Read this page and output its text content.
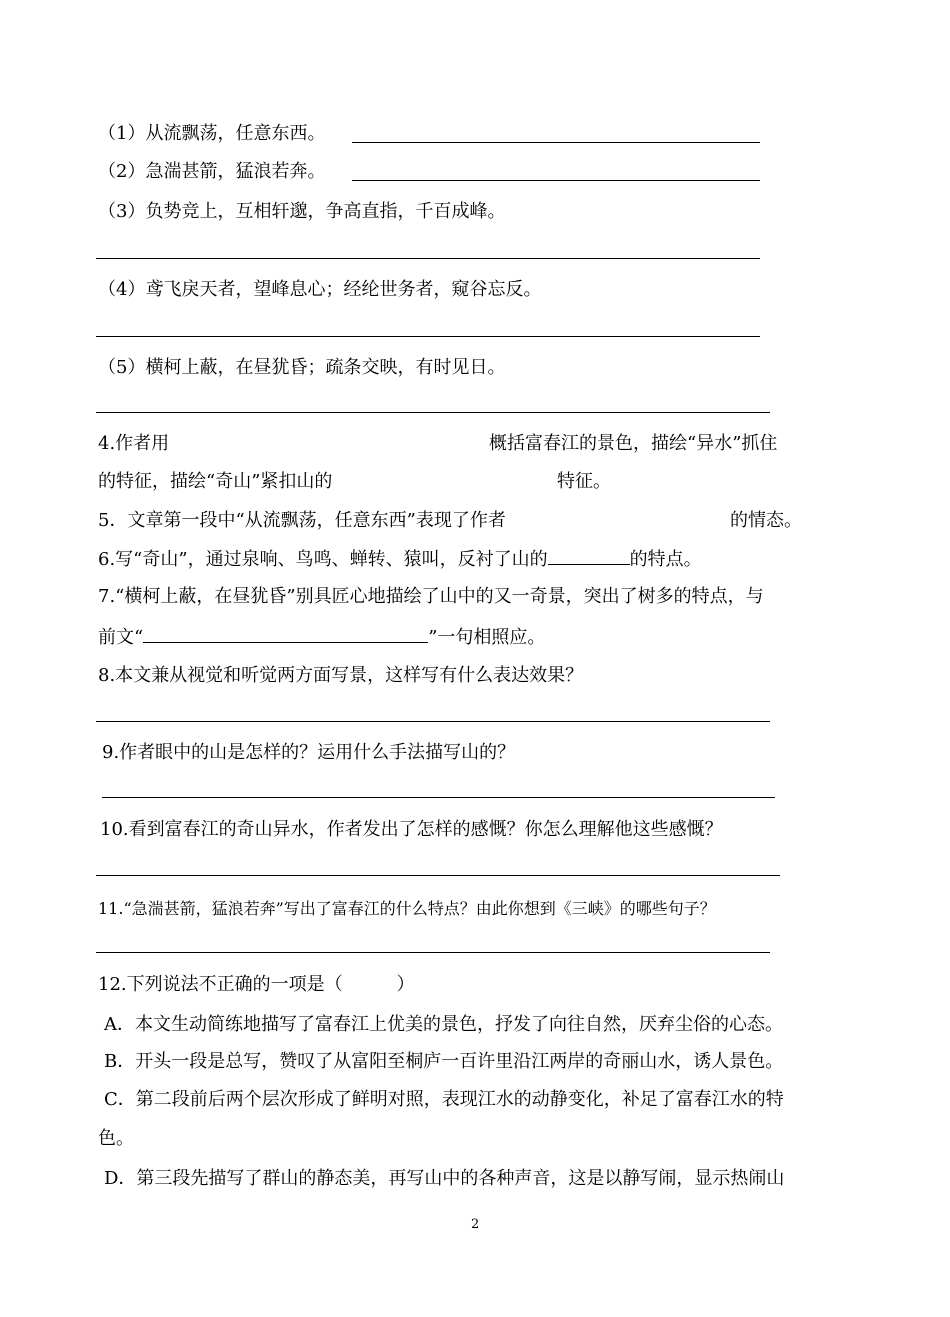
（1）从流飘荡，任意东西。
（2）急湍甚箭，猛浪若奔。
（3）负势竞上，互相轩邈，争高直指，千百成峰。
（4）鸢飞戾天者，望峰息心；经纶世务者，窥谷忘反。
（5）横柯上蔽，在昼犹昏；疏条交映，有时见日。
4.作者用	概括富春江的景色，描绘“异水”抓住
的特征，描绘“奇山”紧扣山的	特征。
5．文章第一段中“从流飘荡，任意东西”表现了作者	的情态。
6.写“奇山”，通过泉响、鸟鸣、蝉转、猿叫，反衬了山的	的特点。
7.“横柯上蔽，在昼犹昏”别具匠心地描绘了山中的又一奇景，突出了树多的特点，与
前文“	”一句相照应。
8.本文兼从视觉和听觉两方面写景，这样写有什么表达效果？
9.作者眼中的山是怎样的？运用什么手法描写山的？
10.看到富春江的奇山异水，作者发出了怎样的感慨？你怎么理解他这些感慨？
11.“急湍甚箭，猛浪若奔”写出了富春江的什么特点？由此你想到《三峡》的哪些句子？
12.下列说法不正确的一项是（　　　）
A．本文生动简练地描写了富春江上优美的景色，抒发了向往自然，厌弃尘俗的心态。
B．开头一段是总写，赞叹了从富阳至桐庐一百许里沿江两岸的奇丽山水，诱人景色。
C．第二段前后两个层次形成了鲜明对照，表现江水的动静变化，补足了富春江水的特
色。
D．第三段先描写了群山的静态美，再写山中的各种声音，这是以静写闹，显示热闹山
2
